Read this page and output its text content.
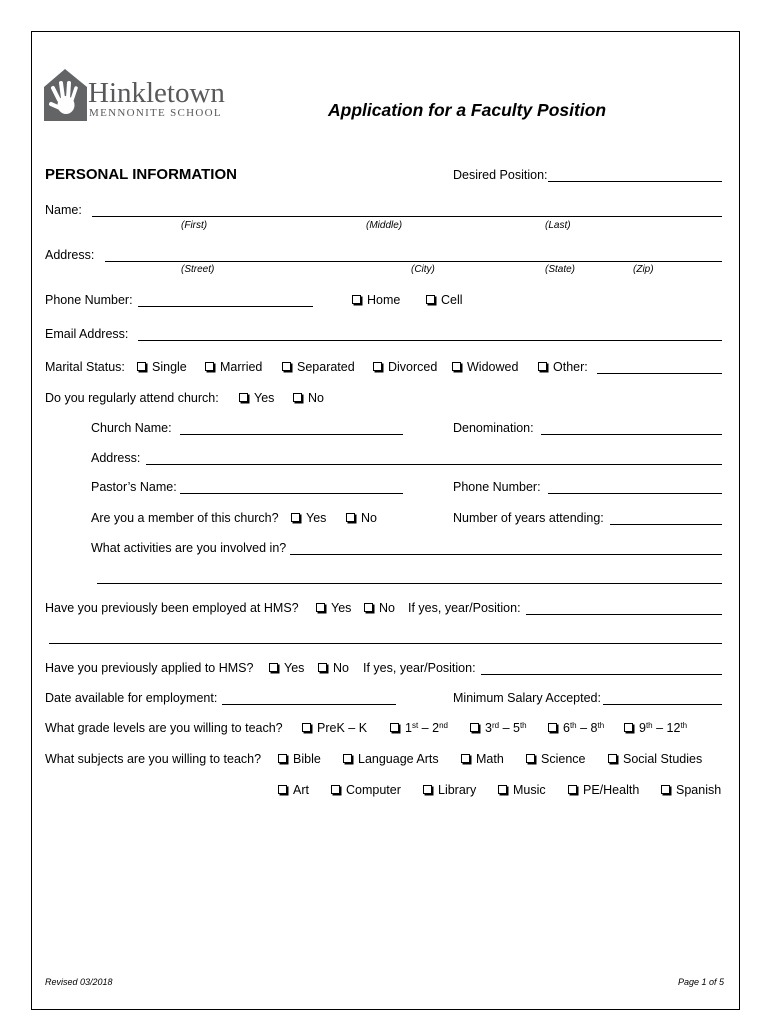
Hinkletown
MENNONITE SCHOOL	Application for a Faculty Position
PERSONAL INFORMATION	Desired Position:
Name:
(First)	(Middle)	(Last)
Address:
(Street)	(City)	(State)	(Zip)
Phone Number:	Home	Cell
Email Address:
Marital Status:	Single	Married	Separated	Divorced	Widowed	Other:
Do you regularly attend church:	Yes	No
Church Name:	Denomination:
Address:
Pastor’s Name:	Phone Number:
Are you a member of this church?	Yes	No	Number of years attending:
What activities are you involved in?
Have you previously been employed at HMS?	Yes	No If yes, year/Position:
Have you previously applied to HMS?	Yes	No If yes, year/Position:
Date available for employment:	Minimum Salary Accepted:
What grade levels are you willing to teach?	PreK – K	1st – 2nd	3rd – 5th	6th – 8th	9th – 12th
What subjects are you willing to teach?	Bible	Language Arts	Math	Science	Social Studies
Art	Computer	Library	Music	PE/Health	Spanish
Revised 03/2018	Page 1 of 5
